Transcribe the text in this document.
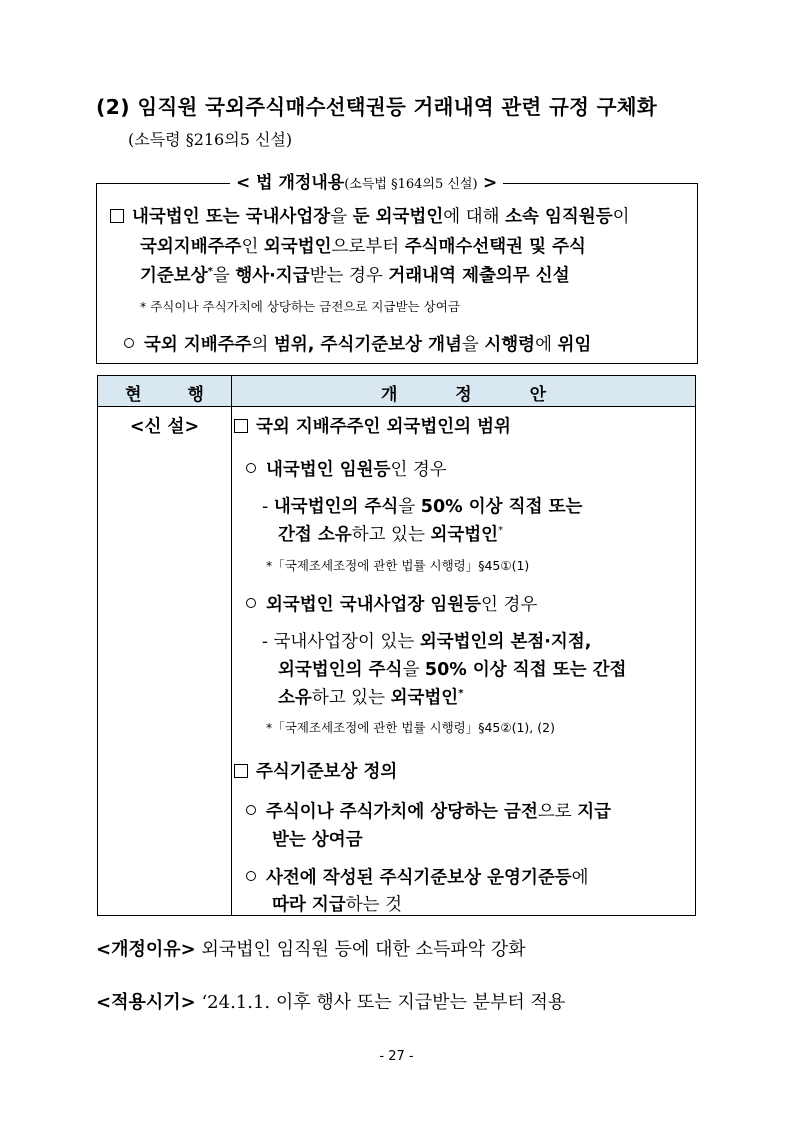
(2) 임직원 국외주식매수선택권등 거래내역 관련 규정 구체화
(소득령 §216의5 신설)
< 법 개정내용(소득법 §164의5 신설) >
내국법인 또는 국내사업장을 둔 외국법인에 대해 소속 임직원등이
국외지배주주인 외국법인으로부터 주식매수선택권 및 주식
기준보상*을 행사·지급받는 경우 거래내역 제출의무 신설
* 주식이나 주식가치에 상당하는 금전으로 지급받는 상여금
국외 지배주주의 범위, 주식기준보상 개념을 시행령에 위임
현 행	개 정 안
<신 설>	국외 지배주주인 외국법인의 범위
내국법인 임원등인 경우
- 내국법인의 주식을 50% 이상 직접 또는
간접 소유하고 있는 외국법인*
*「국제조세조정에 관한 법률 시행령」§45①(1)
외국법인 국내사업장 임원등인 경우
- 국내사업장이 있는 외국법인의 본점·지점,
외국법인의 주식을 50% 이상 직접 또는 간접
소유하고 있는 외국법인*
*「국제조세조정에 관한 법률 시행령」§45②(1), (2)
주식기준보상 정의
주식이나 주식가치에 상당하는 금전으로 지급
받는 상여금
사전에 작성된 주식기준보상 운영기준등에
따라 지급하는 것
<개정이유> 외국법인 임직원 등에 대한 소득파악 강화
<적용시기> ‘24.1.1. 이후 행사 또는 지급받는 분부터 적용
- 27 -
